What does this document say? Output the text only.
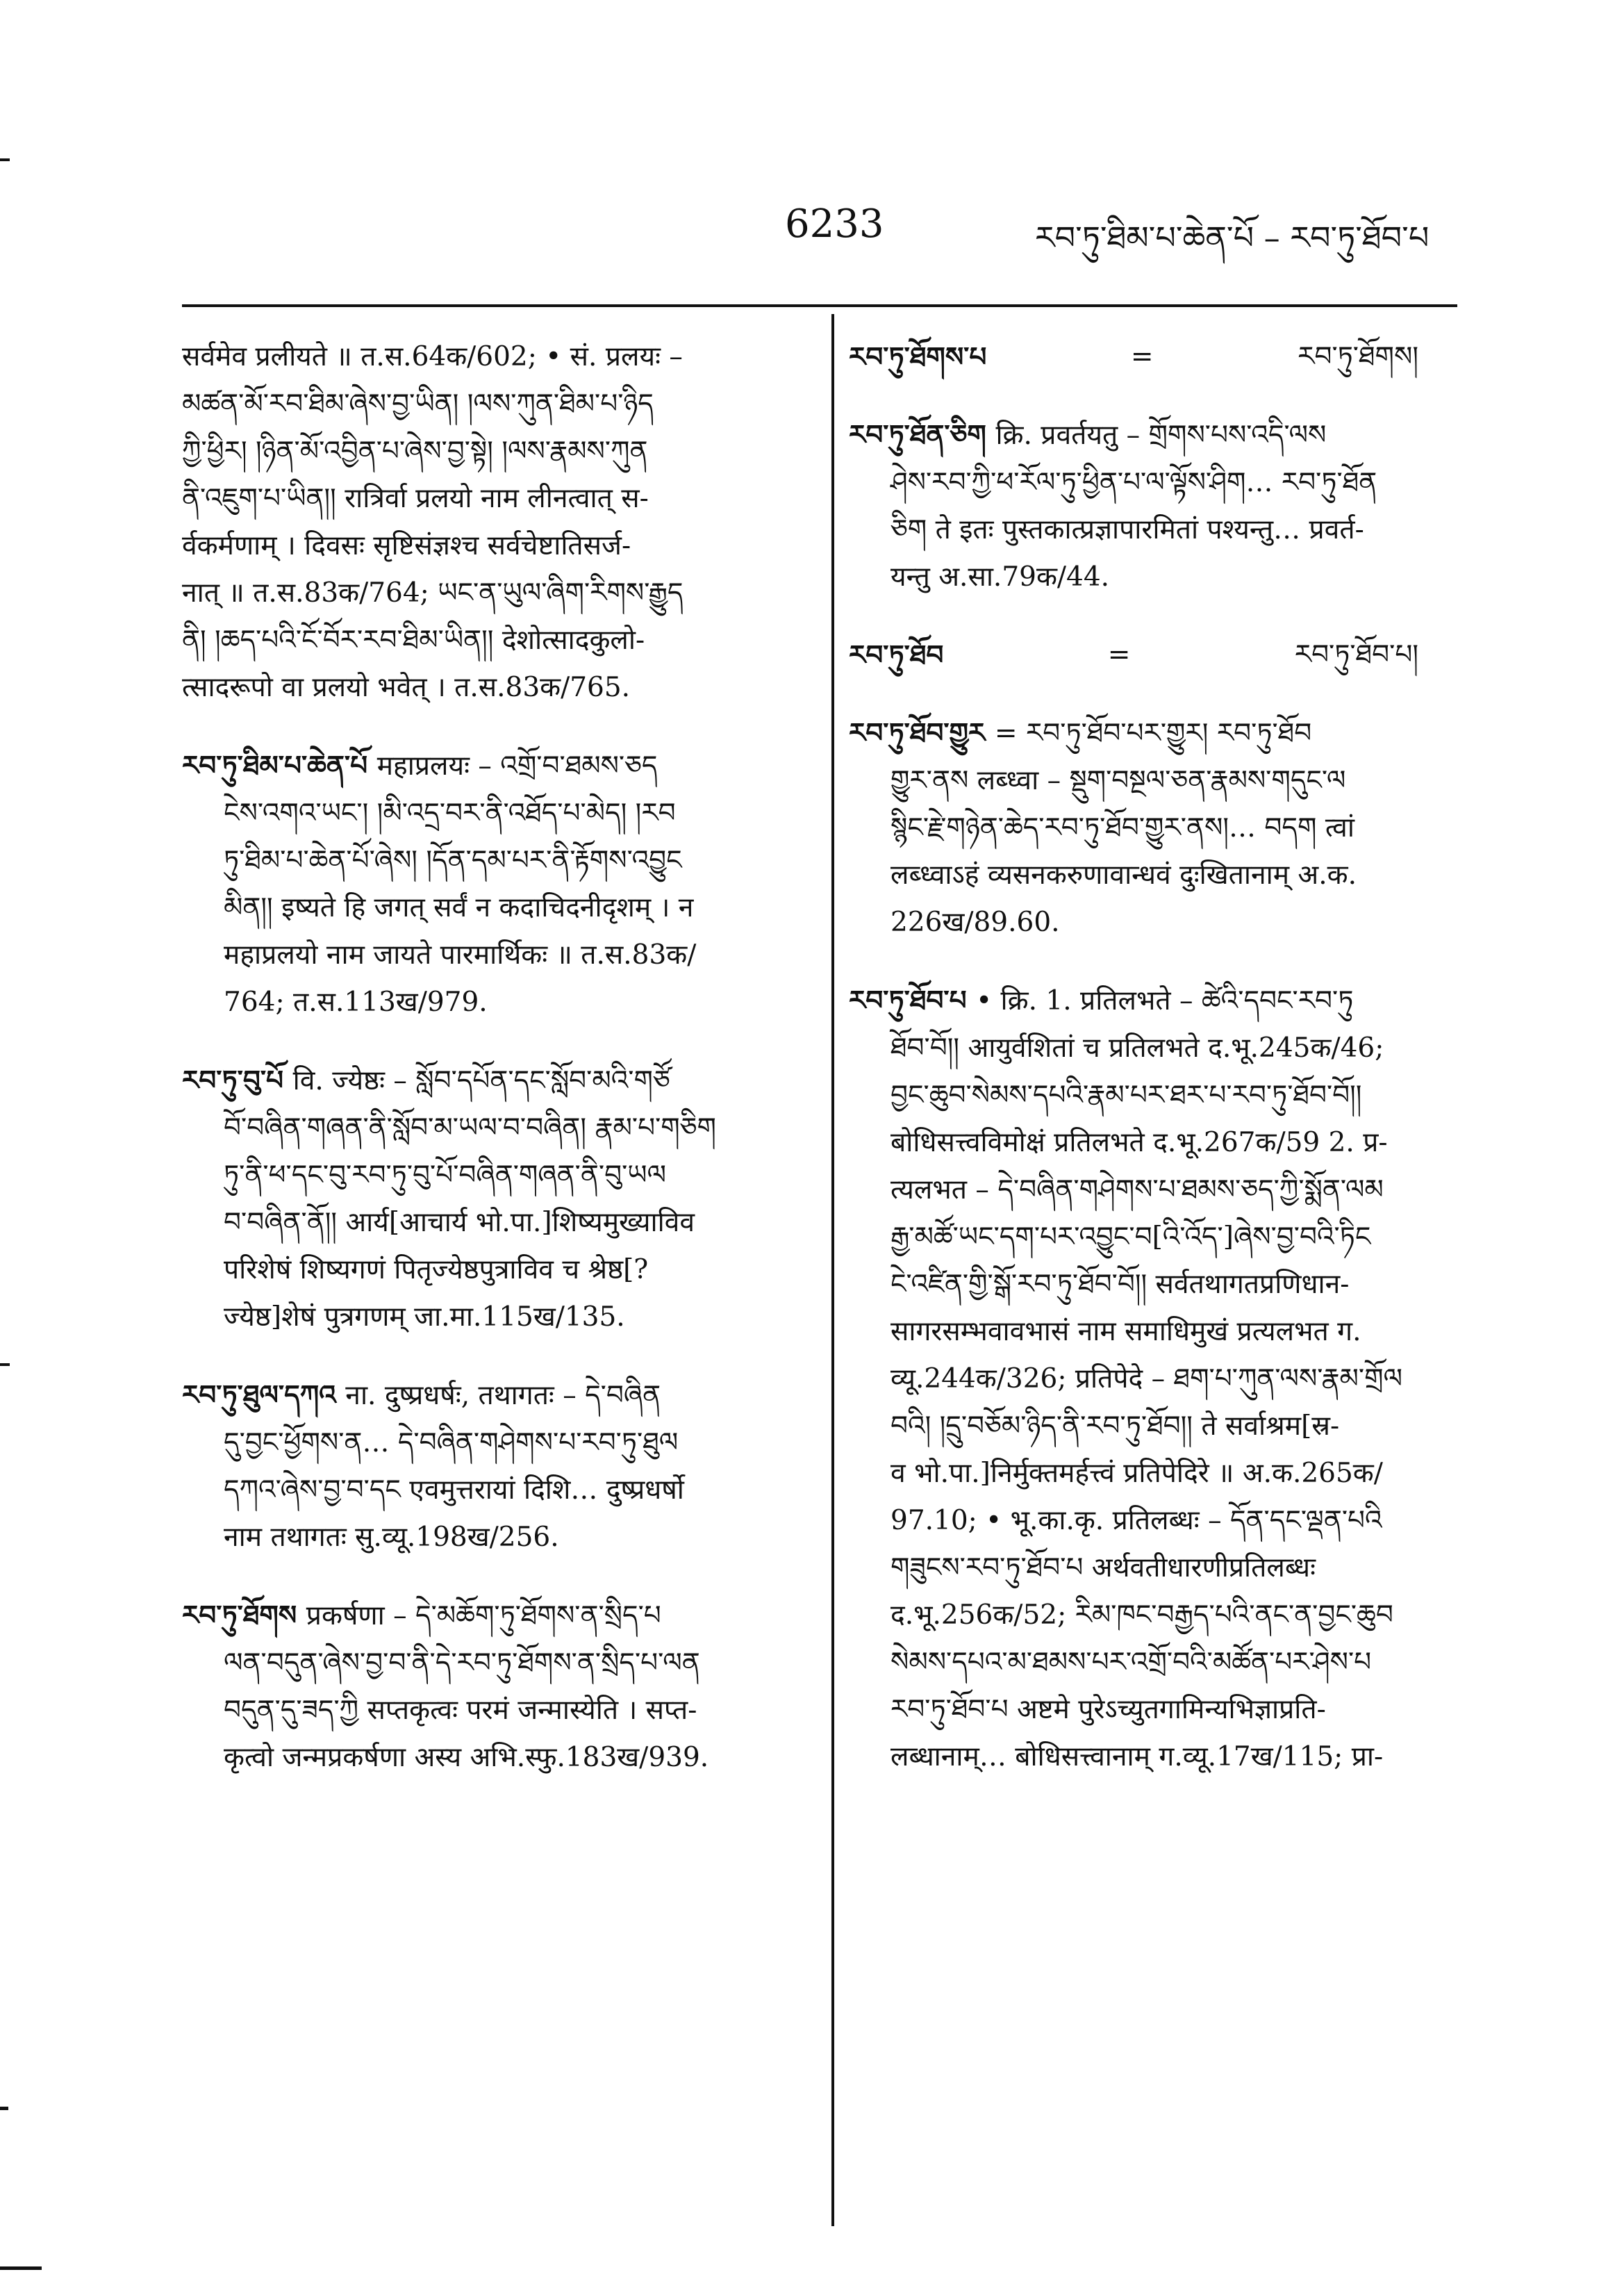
6233	རབ་ཏུ་ཐིམ་པ་ཆེན་པོ – རབ་ཏུ་ཐོབ་པ

सर्वमेव प्रलीयते ॥ त.स.64क/602; • सं. प्रलयः –

མཚན་མོ་རབ་ཐིམ་ཞེས་བྱ་ཡིན། །ལས་ཀུན་ཐིམ་པ་ཉིད

ཀྱི་ཕྱིར། །ཉིན་མོ་འབྱིན་པ་ཞེས་བྱ་སྟེ། །ལས་རྣམས་ཀུན

ནི་འཇུག་པ་ཡིན།། रात्रिर्वा प्रलयो नाम लीनत्वात् स-

र्वकर्मणाम् । दिवसः सृष्टिसंज्ञश्च सर्वचेष्टातिसर्ज-

नात् ॥ त.स.83क/764; ཡང་ན་ཡུལ་ཞིག་རིགས་རྒྱུད

ནི། །ཆད་པའི་ངོ་བོར་རབ་ཐིམ་ཡིན།། देशोत्सादकुलो-

त्सादरूपो वा प्रलयो भवेत् । त.स.83क/765.

རབ་ཏུ་ཐིམ་པ་ཆེན་པོ महाप्रलयः – འགྲོ་བ་ཐམས་ཅད

ངེས་འགའ་ཡང་། །མི་འདྲ་བར་ནི་འཐོད་པ་མེད། །རབ

ཏུ་ཐིམ་པ་ཆེན་པོ་ཞེས། །དོན་དམ་པར་ནི་རྟོགས་འབྱུང

མིན།། इष्यते हि जगत् सर्वं न कदाचिदनीदृशम् । न

महाप्रलयो नाम जायते पारमार्थिकः ॥ त.स.83क/

764; त.स.113ख/979.

རབ་ཏུ་བུ་པོ वि. ज्येष्ठः – སློབ་དཔོན་དང་སློབ་མའི་གཙོ

བོ་བཞིན་གཞན་ནི་སློབ་མ་ཡལ་བ་བཞིན། རྣམ་པ་གཅིག

ཏུ་ནི་ཕ་དང་བུ་རབ་ཏུ་བུ་པོ་བཞིན་གཞན་ནི་བུ་ཡལ

བ་བཞིན་ནོ།། आर्य[आचार्य भो.पा.]शिष्यमुख्याविव

परिशेषं शिष्यगणं पितृज्येष्ठपुत्राविव च श्रेष्ठ[?

ज्येष्ठ]शेषं पुत्रगणम् जा.मा.115ख/135.

རབ་ཏུ་ཐུལ་དཀའ ना. दुष्प्रधर्षः, तथागतः – དེ་བཞིན

དུ་བྱང་ཕྱོགས་ན… དེ་བཞིན་གཤེགས་པ་རབ་ཏུ་ཐུལ

དཀའ་ཞེས་བྱ་བ་དང एवमुत्तरायां दिशि… दुष्प्रधर्षो

नाम तथागतः सु.व्यू.198ख/256.

རབ་ཏུ་ཐོགས प्रकर्षणा – དེ་མཆོག་ཏུ་ཐོགས་ན་སྲིད་པ

ལན་བདུན་ཞེས་བྱ་བ་ནི་དེ་རབ་ཏུ་ཐོགས་ན་སྲིད་པ་ལན

བདུན་དུ་ཟད་ཀྱི सप्तकृत्वः परमं जन्मास्येति । सप्त-

कृत्वो जन्मप्रकर्षणा अस्य अभि.स्फु.183ख/939.

རབ་ཏུ་ཐོགས་པ	=	རབ་ཏུ་ཐོགས།

རབ་ཏུ་ཐོན་ཅིག क्रि. प्रवर्तयतु – གྲོགས་པས་འདི་ལས

ཤེས་རབ་ཀྱི་ཕ་རོལ་ཏུ་ཕྱིན་པ་ལ་ལྟོས་ཤིག… རབ་ཏུ་ཐོན

ཅིག ते इतः पुस्तकात्प्रज्ञापारमितां पश्यन्तु… प्रवर्त-

यन्तु अ.सा.79क/44.

རབ་ཏུ་ཐོབ	=	རབ་ཏུ་ཐོབ་པ།

རབ་ཏུ་ཐོབ་གྱུར = རབ་ཏུ་ཐོབ་པར་གྱུར། རབ་ཏུ་ཐོབ

གྱུར་ནས लब्ध्वा – སྡུག་བསྔལ་ཅན་རྣམས་གདུང་ལ

སྙིང་རྗེ་གཉེན་ཆེད་རབ་ཏུ་ཐོབ་གྱུར་ནས།… བདག त्वां

लब्ध्वाऽहं व्यसनकरुणावान्धवं दुःखितानाम् अ.क.

226ख/89.60.

རབ་ཏུ་ཐོབ་པ • क्रि. 1. प्रतिलभते – ཚེའི་དབང་རབ་ཏུ

ཐོབ་བོ།། आयुर्वशितां च प्रतिलभते द.भू.245क/46;

བྱང་ཆུབ་སེམས་དཔའི་རྣམ་པར་ཐར་པ་རབ་ཏུ་ཐོབ་བོ།།

बोधिसत्त्वविमोक्षं प्रतिलभते द.भू.267क/59 2. प्र-

त्यलभत – དེ་བཞིན་གཤེགས་པ་ཐམས་ཅད་ཀྱི་སྨོན་ལམ

རྒྱ་མཚོ་ཡང་དག་པར་འབྱུང་བ[འི་འོད་]ཞེས་བྱ་བའི་ཏིང

ངེ་འཛིན་གྱི་སྒོ་རབ་ཏུ་ཐོབ་བོ།། सर्वतथागतप्रणिधान-

सागरसम्भवावभासं नाम समाधिमुखं प्रत्यलभत ग.

व्यू.244क/326; प्रतिपेदे – ཐག་པ་ཀུན་ལས་རྣམ་གྲོལ

བའི། །དྲུ་བཅོམ་ཉིད་ནི་རབ་ཏུ་ཐོབ།། ते सर्वाश्रम[स्र-

व भो.पा.]निर्मुक्तमर्हत्त्वं प्रतिपेदिरे ॥ अ.क.265क/

97.10; • भू.का.कृ. प्रतिलब्धः – དོན་དང་ལྡན་པའི

གཟུངས་རབ་ཏུ་ཐོབ་པ अर्थवतीधारणीप्रतिलब्धः

द.भू.256क/52; རིམ་ཁང་བརྒྱད་པའི་ནང་ན་བྱང་ཆུབ

སེམས་དཔའ་མ་ཐམས་པར་འགྲོ་བའི་མཚོན་པར་ཤེས་པ

རབ་ཏུ་ཐོབ་པ अष्टमे पुरेऽच्युतगामिन्यभिज्ञाप्रति-

लब्धानाम्… बोधिसत्त्वानाम् ग.व्यू.17ख/115; प्रा-
